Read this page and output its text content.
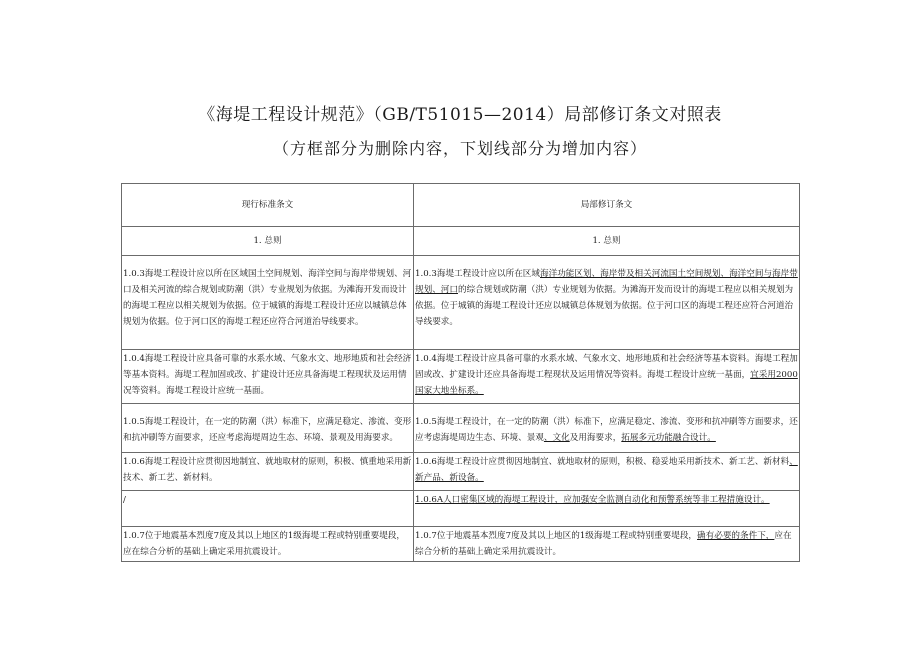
《海堤工程设计规范》（GB/T51015—2014）局部修订条文对照表
（方框部分为删除内容，下划线部分为增加内容）
现行标准条文	局部修订条文
1. 总则	1. 总则
1.0.3海堤工程设计应以所在区域国土空间规划、海洋空间与海岸带规划、河口及相关河流的综合规划或防潮（洪）专业规划为依据。为滩海开发而设计的海堤工程应以相关规划为依据。位于城镇的海堤工程设计还应以城镇总体规划为依据。位于河口区的海堤工程还应符合河道治导线要求。	1.0.3海堤工程设计应以所在区域海洋功能区划、海岸带及相关河流国土空间规划、海洋空间与海岸带规划、河口的综合规划或防潮（洪）专业规划为依据。为滩海开发而设计的海堤工程应以相关规划为依据。位于城镇的海堤工程设计还应以城镇总体规划为依据。位于河口区的海堤工程还应符合河道治导线要求。
1.0.4海堤工程设计应具备可靠的水系水域、气象水文、地形地质和社会经济等基本资料。海堤工程加固或改、扩建设计还应具备海堤工程现状及运用情况等资料。海堤工程设计应统一基面。	1.0.4海堤工程设计应具备可靠的水系水域、气象水文、地形地质和社会经济等基本资料。海堤工程加固或改、扩建设计还应具备海堤工程现状及运用情况等资料。海堤工程设计应统一基面，宜采用2000国家大地坐标系。
1.0.5海堤工程设计，在一定的防潮（洪）标准下，应满足稳定、渗流、变形和抗冲刷等方面要求，还应考虑海堤周边生态、环境、景观及用海要求。	1.0.5海堤工程设计，在一定的防潮（洪）标准下，应满足稳定、渗流、变形和抗冲刷等方面要求，还应考虑海堤周边生态、环境、景观、文化及用海要求，拓展多元功能融合设计。
1.0.6海堤工程设计应贯彻因地制宜、就地取材的原则，积极、慎重地采用新技术、新工艺、新材料。	1.0.6海堤工程设计应贯彻因地制宜、就地取材的原则，积极、稳妥地采用新技术、新工艺、新材料、新产品、新设备。
/	1.0.6A人口密集区域的海堤工程设计，应加强安全监测自动化和预警系统等非工程措施设计。
1.0.7位于地震基本烈度7度及其以上地区的1级海堤工程或特别重要堤段，应在综合分析的基础上确定采用抗震设计。	1.0.7位于地震基本烈度7度及其以上地区的1级海堤工程或特别重要堤段，确有必要的条件下，应在综合分析的基础上确定采用抗震设计。
